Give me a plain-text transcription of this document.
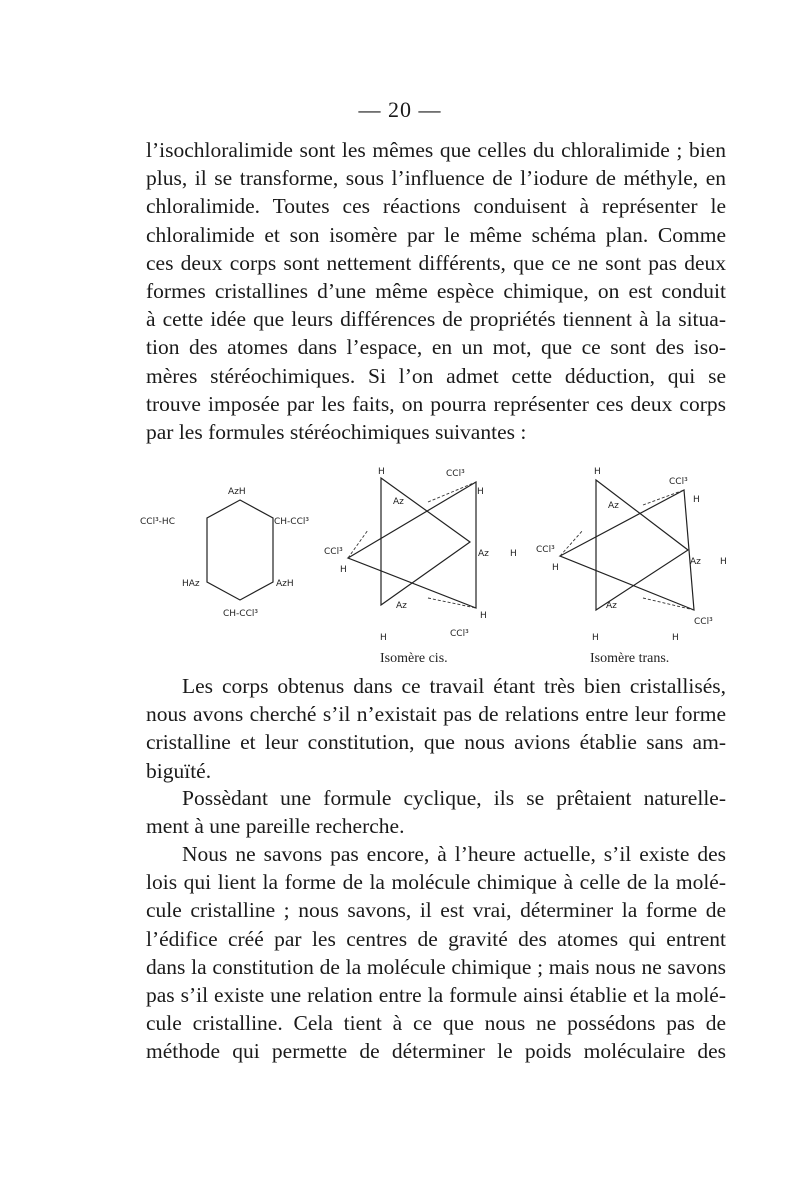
— 20 —
l’isochloralimide sont les mêmes que celles du chloralimide ; bien
plus, il se transforme, sous l’influence de l’iodure de méthyle, en
chloralimide. Toutes ces réactions conduisent à représenter le
chloralimide et son isomère par le même schéma plan. Comme
ces deux corps sont nettement différents, que ce ne sont pas deux
formes cristallines d’une même espèce chimique, on est conduit
à cette idée que leurs différences de propriétés tiennent à la situa-
tion des atomes dans l’espace, en un mot, que ce sont des iso-
mères stéréochimiques. Si l’on admet cette déduction, qui se
trouve imposée par les faits, on pourra représenter ces deux corps
par les formules stéréochimiques suivantes :
AzH
CCl³-HC	CH-CCl³
HAz	AzH
CH-CCl³
H	CCl³
H
Az
CCl³
H
Az H
Az
H
H	CCl³
Isomère cis.
H
CCl³
H
Az
CCl³
H
Az H
Az
H	H
CCl³
Isomère trans.
Les corps obtenus dans ce travail étant très bien cristallisés,
nous avons cherché s’il n’existait pas de relations entre leur forme
cristalline et leur constitution, que nous avions établie sans am-
biguïté.
Possèdant une formule cyclique, ils se prêtaient naturelle-
ment à une pareille recherche.
Nous ne savons pas encore, à l’heure actuelle, s’il existe des
lois qui lient la forme de la molécule chimique à celle de la molé-
cule cristalline ; nous savons, il est vrai, déterminer la forme de
l’édifice créé par les centres de gravité des atomes qui entrent
dans la constitution de la molécule chimique ; mais nous ne savons
pas s’il existe une relation entre la formule ainsi établie et la molé-
cule cristalline. Cela tient à ce que nous ne possédons pas de
méthode qui permette de déterminer le poids moléculaire des
